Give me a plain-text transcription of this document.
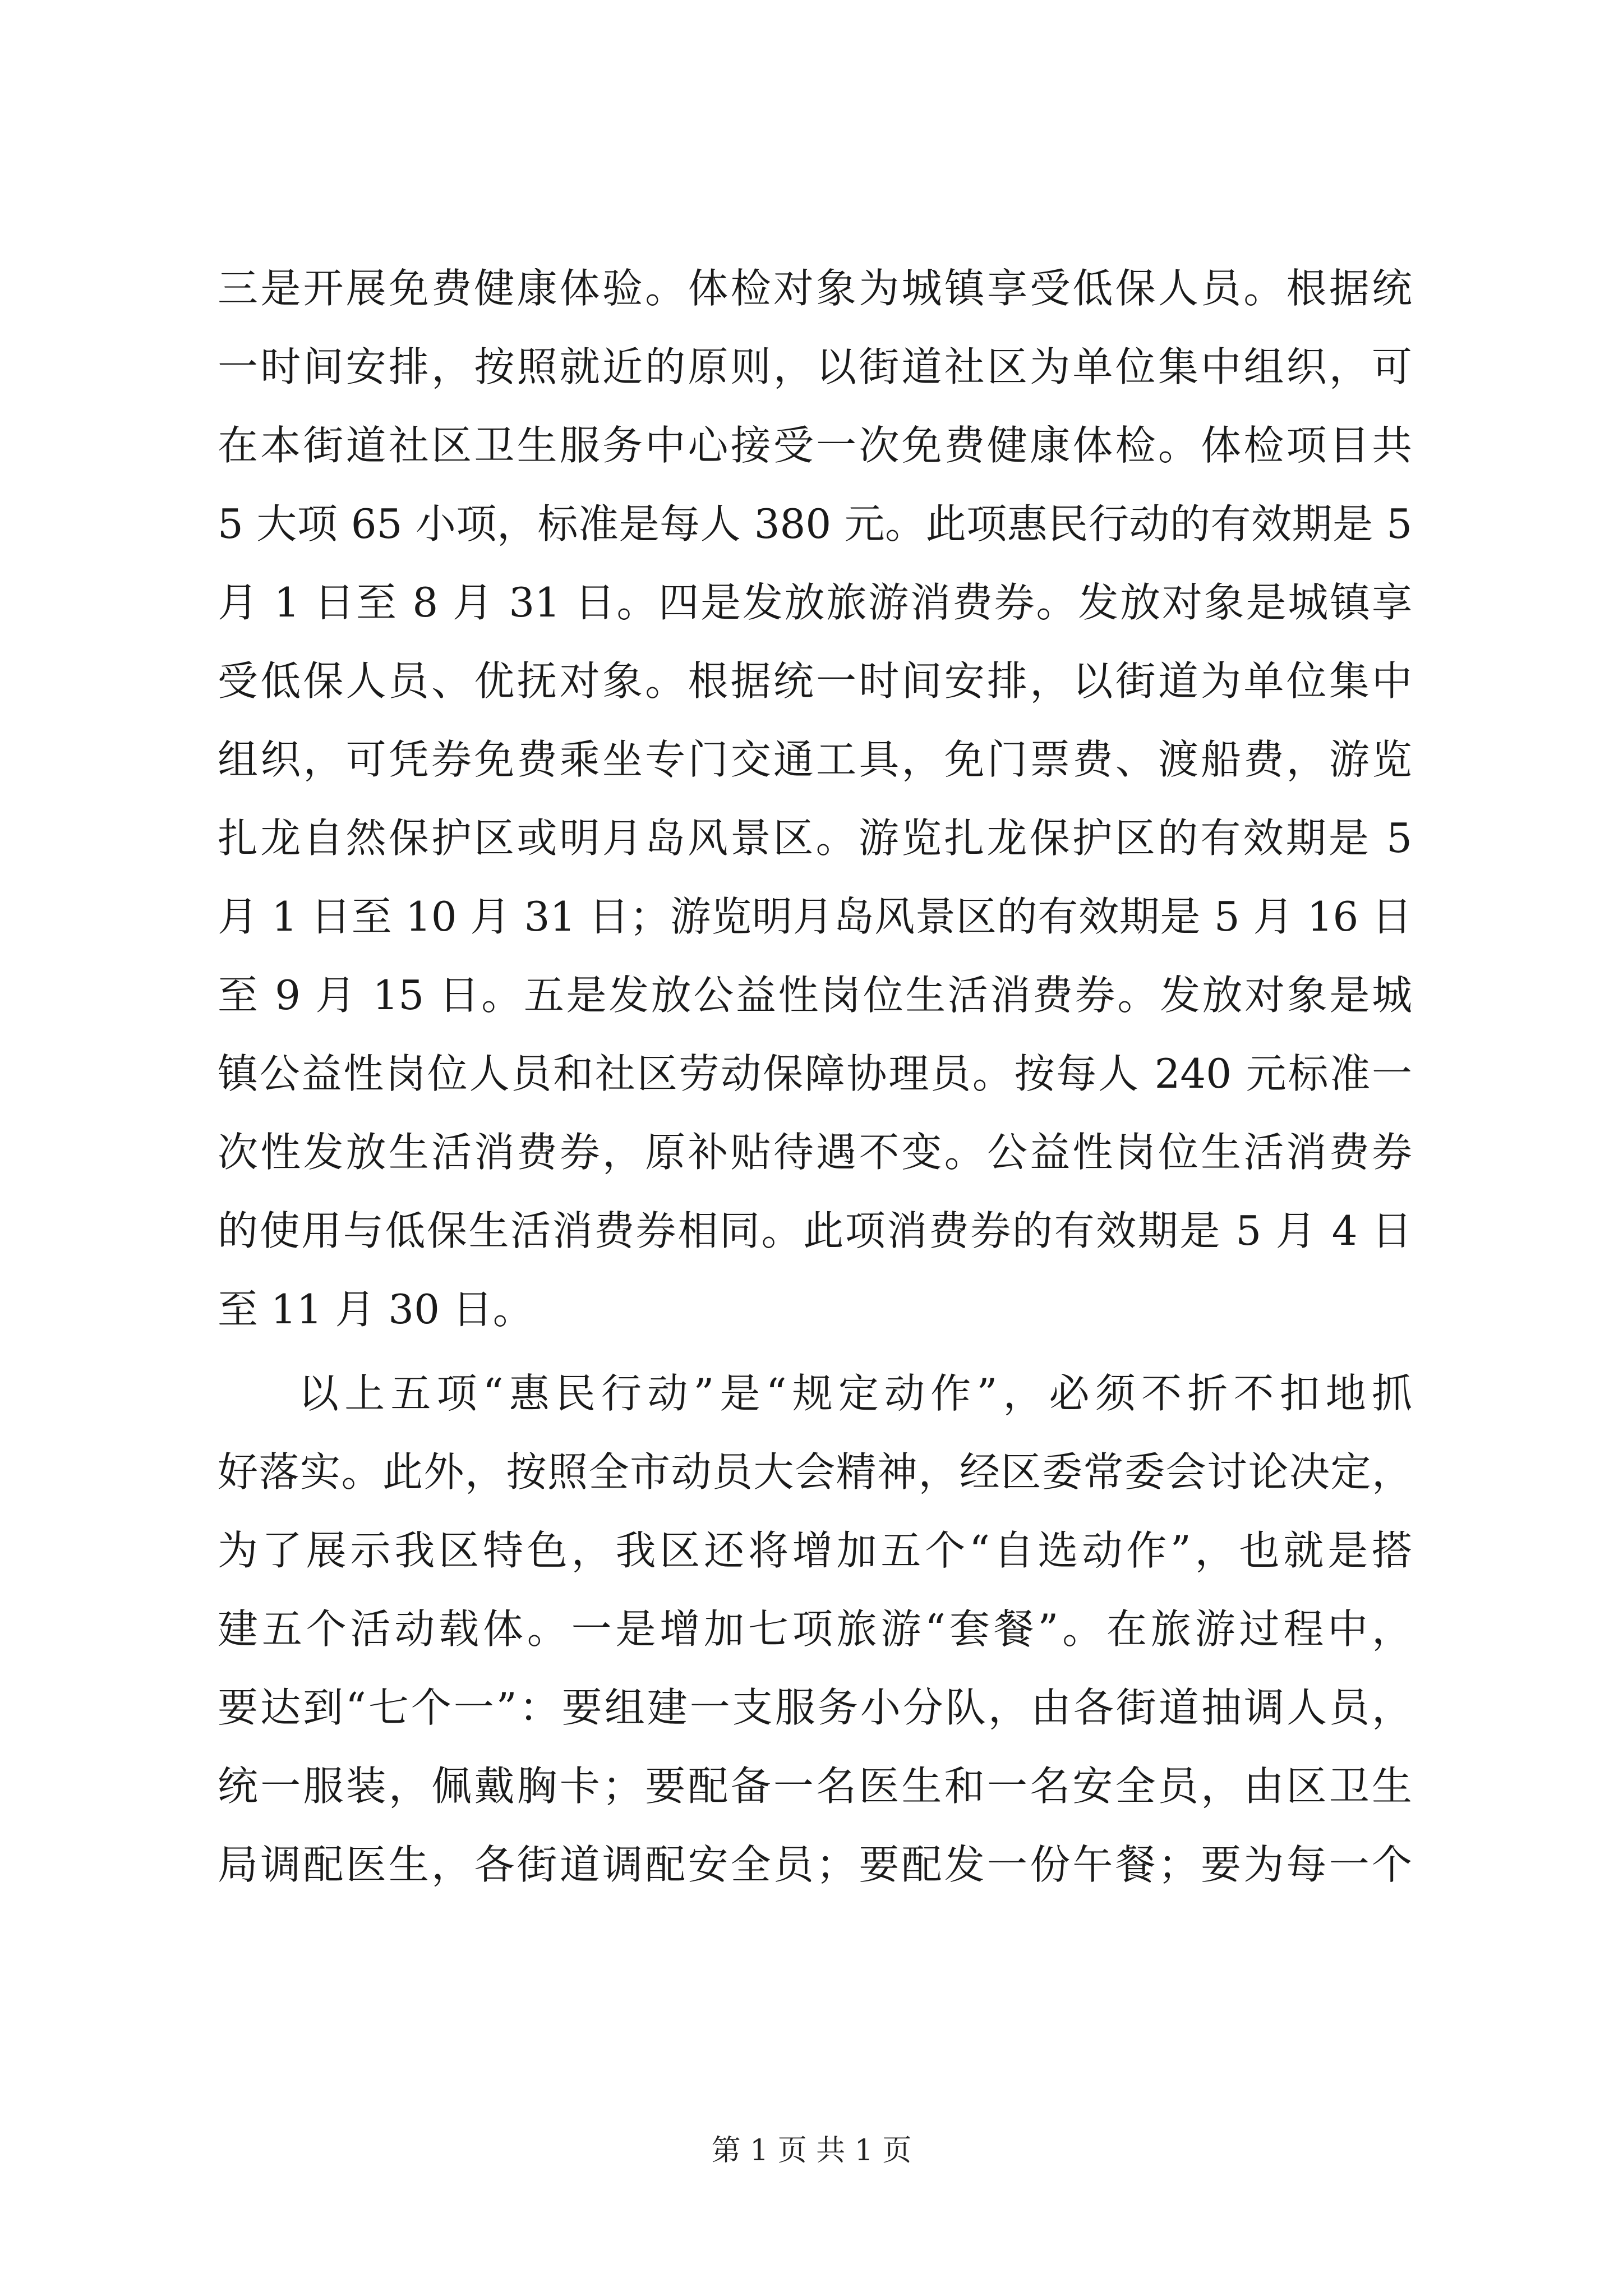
三是开展免费健康体验。体检对象为城镇享受低保人员。根据统
一时间安排，按照就近的原则，以街道社区为单位集中组织，可
在本街道社区卫生服务中心接受一次免费健康体检。体检项目共
5 大项 65 小项，标准是每人 380 元。此项惠民行动的有效期是 5
月 1 日至 8 月 31 日。四是发放旅游消费券。发放对象是城镇享
受低保人员、优抚对象。根据统一时间安排，以街道为单位集中
组织，可凭券免费乘坐专门交通工具，免门票费、渡船费，游览
扎龙自然保护区或明月岛风景区。游览扎龙保护区的有效期是 5
月 1 日至 10 月 31 日；游览明月岛风景区的有效期是 5 月 16 日
至 9 月 15 日。五是发放公益性岗位生活消费券。发放对象是城
镇公益性岗位人员和社区劳动保障协理员。按每人 240 元标准一
次性发放生活消费券，原补贴待遇不变。公益性岗位生活消费券
的使用与低保生活消费券相同。此项消费券的有效期是 5 月 4 日
至 11 月 30 日。
以上五项“惠民行动”是“规定动作”，必须不折不扣地抓
好落实。此外，按照全市动员大会精神，经区委常委会讨论决定，
为了展示我区特色，我区还将增加五个“自选动作”，也就是搭
建五个活动载体。一是增加七项旅游“套餐”。在旅游过程中，
要达到“七个一”：要组建一支服务小分队，由各街道抽调人员，
统一服装，佩戴胸卡；要配备一名医生和一名安全员，由区卫生
局调配医生，各街道调配安全员；要配发一份午餐；要为每一个
第 1 页 共 1 页
